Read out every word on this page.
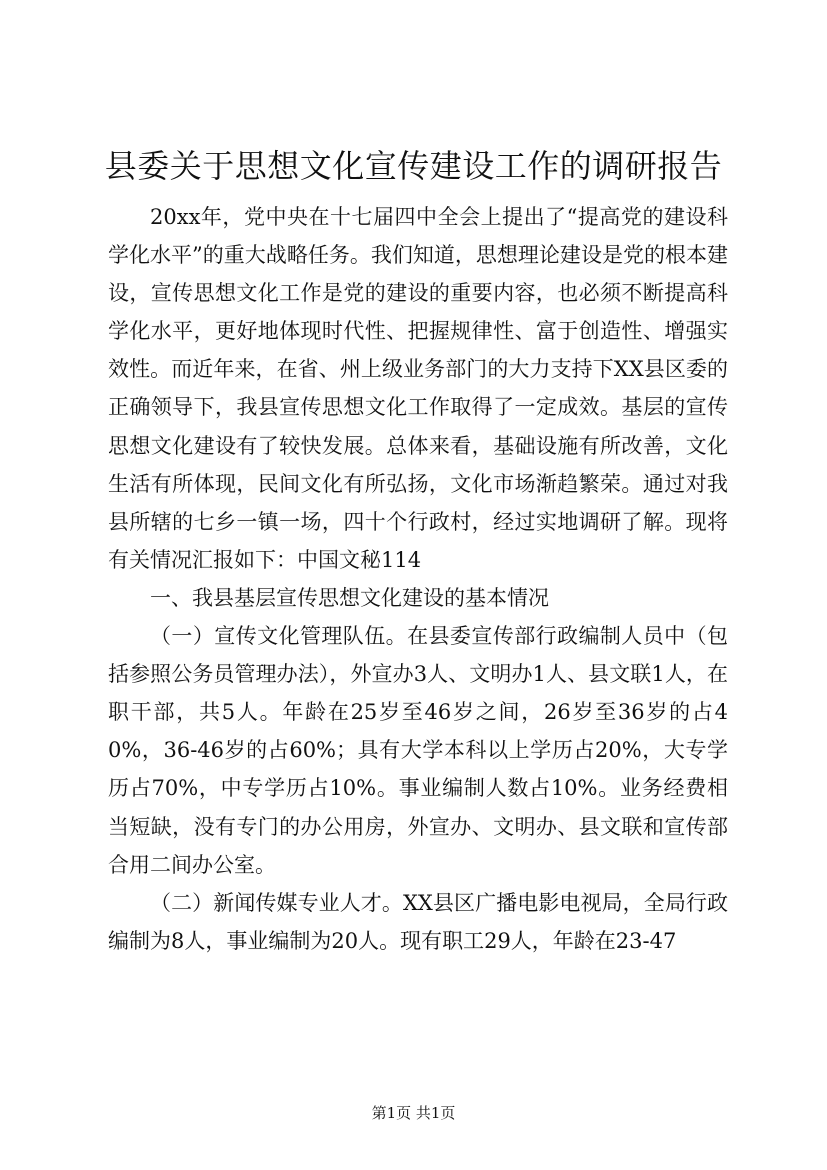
县委关于思想文化宣传建设工作的调研报告

20xx年，党中央在十七届四中全会上提出了“提高党的建设科学化水平”的重大战略任务。我们知道，思想理论建设是党的根本建设，宣传思想文化工作是党的建设的重要内容，也必须不断提高科学化水平，更好地体现时代性、把握规律性、富于创造性、增强实效性。而近年来，在省、州上级业务部门的大力支持下XX县区委的正确领导下，我县宣传思想文化工作取得了一定成效。基层的宣传思想文化建设有了较快发展。总体来看，基础设施有所改善，文化生活有所体现，民间文化有所弘扬，文化市场渐趋繁荣。通过对我县所辖的七乡一镇一场，四十个行政村，经过实地调研了解。现将有关情况汇报如下：中国文秘114

一、我县基层宣传思想文化建设的基本情况

（一）宣传文化管理队伍。在县委宣传部行政编制人员中（包括参照公务员管理办法），外宣办3人、文明办1人、县文联1人，在职干部，共5人。年龄在25岁至46岁之间，26岁至36岁的占40%，36-46岁的占60%；具有大学本科以上学历占20%，大专学历占70%，中专学历占10%。事业编制人数占10%。业务经费相当短缺，没有专门的办公用房，外宣办、文明办、县文联和宣传部合用二间办公室。

（二）新闻传媒专业人才。XX县区广播电影电视局，全局行政编制为8人，事业编制为20人。现有职工29人，年龄在23-47

第1页 共1页
